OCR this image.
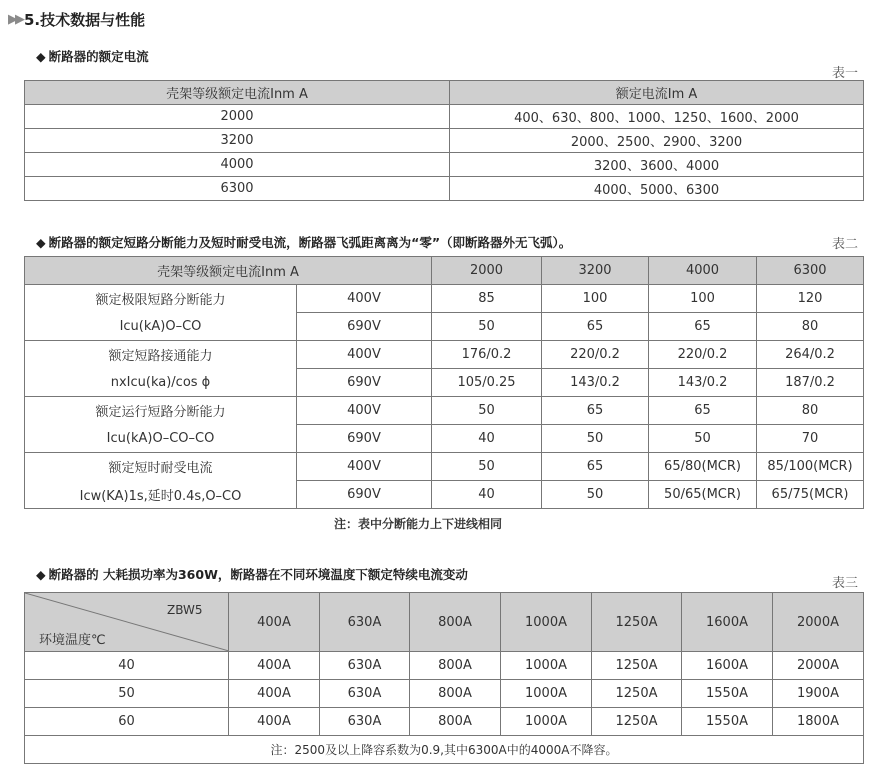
▶▶ 5.技术数据与性能
◆ 断路器的额定电流
表一
壳架等级额定电流Inm A	额定电流Im A
2000	400、630、800、1000、1250、1600、2000
3200	2000、2500、2900、3200
4000	3200、3600、4000
6300	4000、5000、6300
◆ 断路器的额定短路分断能力及短时耐受电流，断路器飞弧距离离为“零”（即断路器外无飞弧）。	表二
壳架等级额定电流Inm A		2000	3200	4000	6300
额定极限短路分断能力	400V	85	100	100	120
Icu(kA)O–CO	690V	50	65	65	80
额定短路接通能力	400V	176/0.2	220/0.2	220/0.2	264/0.2
nxIcu(ka)/cos ϕ	690V	105/0.25	143/0.2	143/0.2	187/0.2
额定运行短路分断能力	400V	50	65	65	80
Icu(kA)O–CO–CO	690V	40	50	50	70
额定短时耐受电流	400V	50	65	65/80(MCR)	85/100(MCR)
Icw(KA)1s,延时0.4s,O–CO	690V	40	50	50/65(MCR)	65/75(MCR)
注：表中分断能力上下进线相同
◆ 断路器的 大耗损功率为360W，断路器在不同环境温度下额定特续电流变动
表三
ZBW5
环境温度℃	400A	630A	800A	1000A	1250A	1600A	2000A
40	400A	630A	800A	1000A	1250A	1600A	2000A
50	400A	630A	800A	1000A	1250A	1550A	1900A
60	400A	630A	800A	1000A	1250A	1550A	1800A
注：2500及以上降容系数为0.9,其中6300A中的4000A不降容。							
